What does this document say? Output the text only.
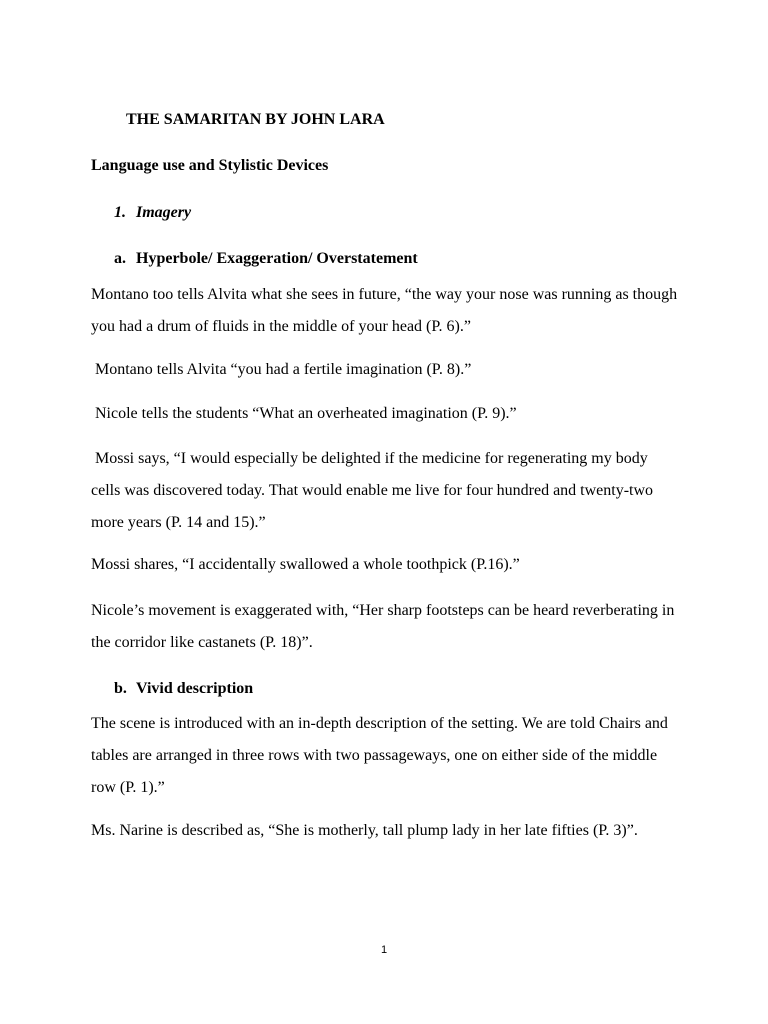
THE SAMARITAN BY JOHN LARA

Language use and Stylistic Devices

1. Imagery

a. Hyperbole/ Exaggeration/ Overstatement

Montano too tells Alvita what she sees in future, “the way your nose was running as though you had a drum of fluids in the middle of your head (P. 6).”

Montano tells Alvita “you had a fertile imagination (P. 8).”

Nicole tells the students “What an overheated imagination (P. 9).”

Mossi says, “I would especially be delighted if the medicine for regenerating my body cells was discovered today. That would enable me live for four hundred and twenty-two more years (P. 14 and 15).”

Mossi shares, “I accidentally swallowed a whole toothpick (P.16).”

Nicole’s movement is exaggerated with, “Her sharp footsteps can be heard reverberating in the corridor like castanets (P. 18)”.

b. Vivid description

The scene is introduced with an in-depth description of the setting. We are told Chairs and tables are arranged in three rows with two passageways, one on either side of the middle row (P. 1).”

Ms. Narine is described as, “She is motherly, tall plump lady in her late fifties (P. 3)”.

1
